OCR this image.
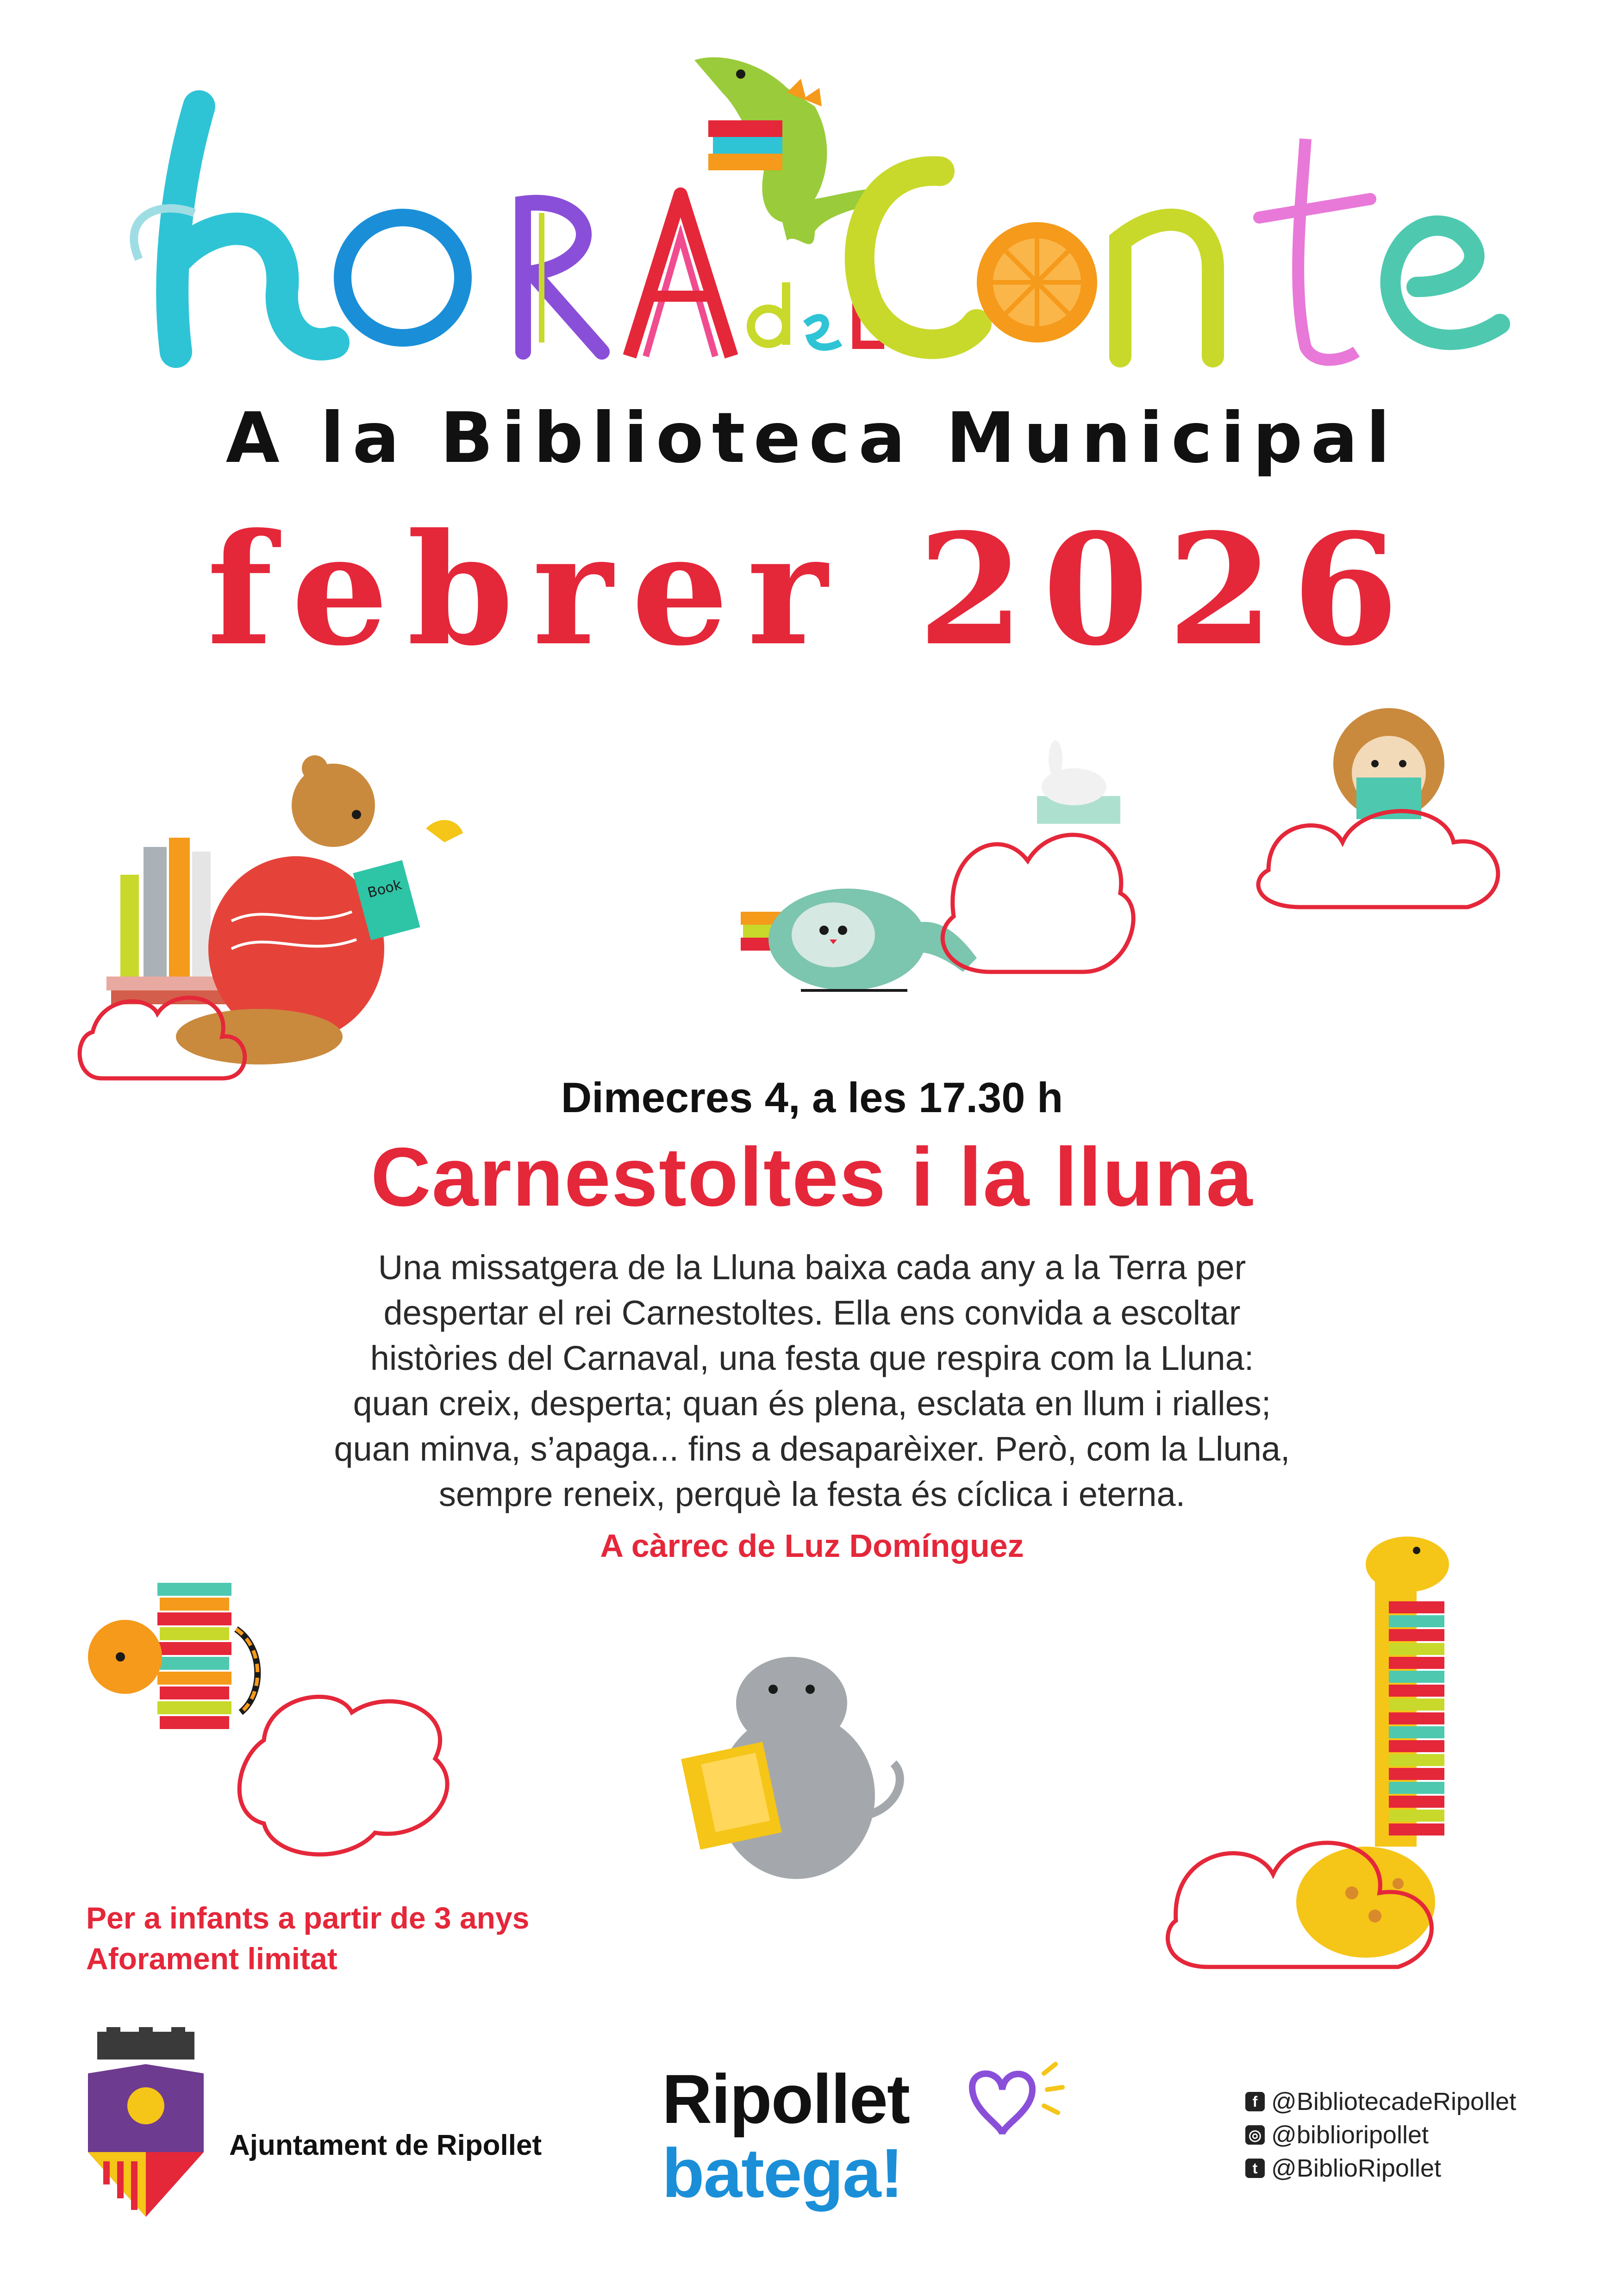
A la Biblioteca Municipal
febrer 2026
Book
Dimecres 4, a les 17.30 h
Carnestoltes i la lluna
Una missatgera de la Lluna baixa cada any a la Terra per
despertar el rei Carnestoltes. Ella ens convida a escoltar
històries del Carnaval, una festa que respira com la Lluna:
quan creix, desperta; quan és plena, esclata en llum i rialles;
quan minva, s’apaga... fins a desaparèixer. Però, com la Lluna,
sempre reneix, perquè la festa és cíclica i eterna.
A càrrec de Luz Domínguez
Per a infants a partir de 3 anys
Aforament limitat
Ajuntament de Ripollet
Ripollet
batega!
f @BibliotecadeRipollet
◎ @biblioripollet
t @BiblioRipollet
